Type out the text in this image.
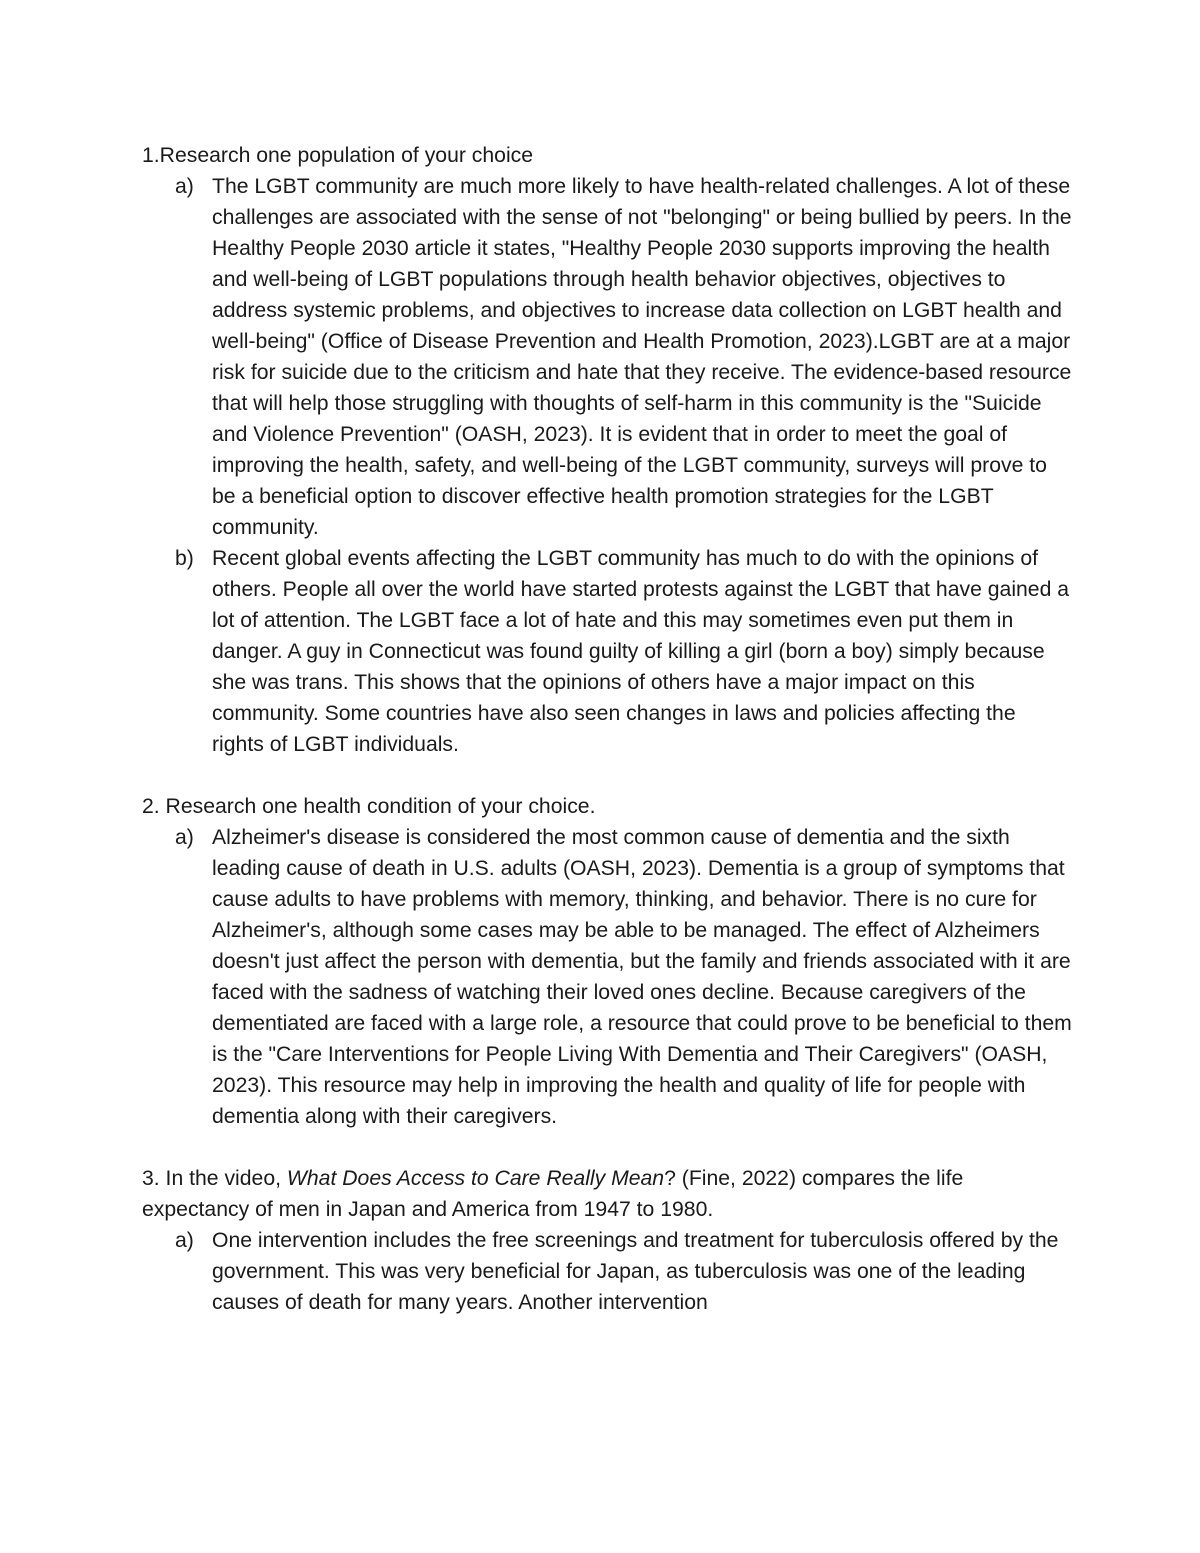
1.Research one population of your choice

a) The LGBT community are much more likely to have health-related challenges. A lot of these challenges are associated with the sense of not "belonging" or being bullied by peers. In the Healthy People 2030 article it states, "Healthy People 2030 supports improving the health and well-being of LGBT populations through health behavior objectives, objectives to address systemic problems, and objectives to increase data collection on LGBT health and well-being" (Office of Disease Prevention and Health Promotion, 2023).LGBT are at a major risk for suicide due to the criticism and hate that they receive. The evidence-based resource that will help those struggling with thoughts of self-harm in this community is the "Suicide and Violence Prevention" (OASH, 2023). It is evident that in order to meet the goal of improving the health, safety, and well-being of the LGBT community, surveys will prove to be a beneficial option to discover effective health promotion strategies for the LGBT community.
b) Recent global events affecting the LGBT community has much to do with the opinions of others. People all over the world have started protests against the LGBT that have gained a lot of attention. The LGBT face a lot of hate and this may sometimes even put them in danger. A guy in Connecticut was found guilty of killing a girl (born a boy) simply because she was trans. This shows that the opinions of others have a major impact on this community. Some countries have also seen changes in laws and policies affecting the rights of LGBT individuals.

2. Research one health condition of your choice.

a) Alzheimer's disease is considered the most common cause of dementia and the sixth leading cause of death in U.S. adults (OASH, 2023). Dementia is a group of symptoms that cause adults to have problems with memory, thinking, and behavior. There is no cure for Alzheimer's, although some cases may be able to be managed. The effect of Alzheimers doesn't just affect the person with dementia, but the family and friends associated with it are faced with the sadness of watching their loved ones decline. Because caregivers of the dementiated are faced with a large role, a resource that could prove to be beneficial to them is the "Care Interventions for People Living With Dementia and Their Caregivers" (OASH, 2023). This resource may help in improving the health and quality of life for people with dementia along with their caregivers.

3. In the video, What Does Access to Care Really Mean? (Fine, 2022) compares the life expectancy of men in Japan and America from 1947 to 1980.

a) One intervention includes the free screenings and treatment for tuberculosis offered by the government. This was very beneficial for Japan, as tuberculosis was one of the leading causes of death for many years. Another intervention
